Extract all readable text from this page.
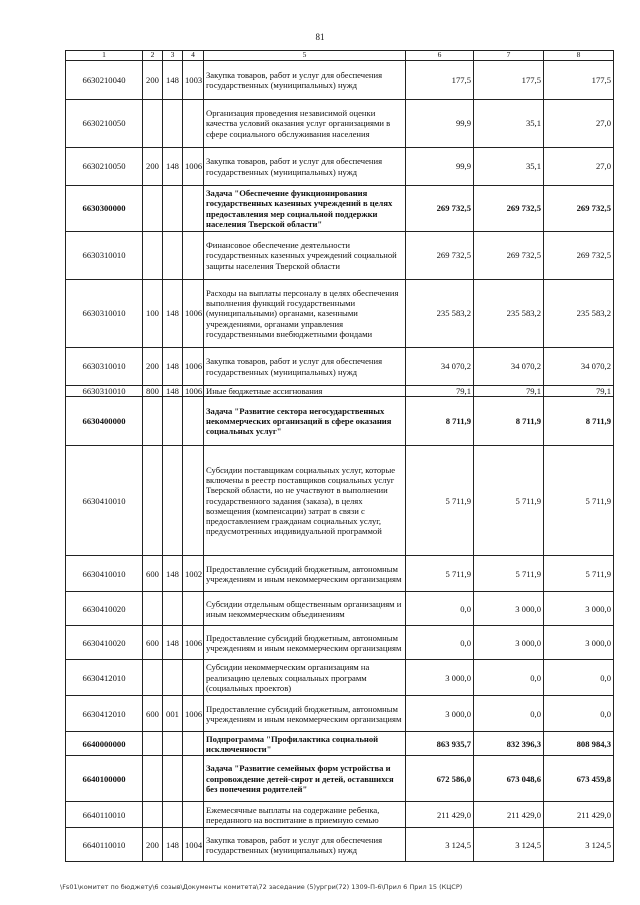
81
1	2	3	4	5	6	7	8
6630210040	200	148	1003	Закупка товаров, работ и услуг для обеспечения государственных (муниципальных) нужд	177,5	177,5	177,5
6630210050				Организация проведения независимой оценки качества условий оказания услуг организациями в сфере социального обслуживания населения	99,9	35,1	27,0
6630210050	200	148	1006	Закупка товаров, работ и услуг для обеспечения государственных (муниципальных) нужд	99,9	35,1	27,0
6630300000				Задача "Обеспечение функционирования государственных казенных учреждений в целях предоставления мер социальной поддержки населения Тверской области"	269 732,5	269 732,5	269 732,5
6630310010				Финансовое обеспечение деятельности государственных казенных учреждений социальной защиты населения Тверской области	269 732,5	269 732,5	269 732,5
6630310010	100	148	1006	Расходы на выплаты персоналу в целях обеспечения выполнения функций государственными (муниципальными) органами, казенными учреждениями, органами управления государственными внебюджетными фондами	235 583,2	235 583,2	235 583,2
6630310010	200	148	1006	Закупка товаров, работ и услуг для обеспечения государственных (муниципальных) нужд	34 070,2	34 070,2	34 070,2
6630310010	800	148	1006	Иные бюджетные ассигнования	79,1	79,1	79,1
6630400000				Задача "Развитие сектора негосударственных некоммерческих организаций в сфере оказания социальных услуг"	8 711,9	8 711,9	8 711,9
6630410010				Субсидии поставщикам социальных услуг, которые включены в реестр поставщиков социальных услуг Тверской области, но не участвуют в выполнении государственного задания (заказа), в целях возмещения (компенсации) затрат в связи с предоставлением гражданам социальных услуг, предусмотренных индивидуальной программой	5 711,9	5 711,9	5 711,9
6630410010	600	148	1002	Предоставление субсидий бюджетным, автономным учреждениям и иным некоммерческим организациям	5 711,9	5 711,9	5 711,9
6630410020				Субсидии отдельным общественным организациям и иным некоммерческим объединениям	0,0	3 000,0	3 000,0
6630410020	600	148	1006	Предоставление субсидий бюджетным, автономным учреждениям и иным некоммерческим организациям	0,0	3 000,0	3 000,0
6630412010				Субсидии некоммерческим организациям на реализацию целевых социальных программ (социальных проектов)	3 000,0	0,0	0,0
6630412010	600	001	1006	Предоставление субсидий бюджетным, автономным учреждениям и иным некоммерческим организациям	3 000,0	0,0	0,0
6640000000				Подпрограмма "Профилактика социальной исключенности"	863 935,7	832 396,3	808 984,3
6640100000				Задача "Развитие семейных форм устройства и сопровождение детей-сирот и детей, оставшихся без попечения родителей"	672 586,0	673 048,6	673 459,8
6640110010				Ежемесячные выплаты на содержание ребенка, переданного на воспитание в приемную семью	211 429,0	211 429,0	211 429,0
6640110010	200	148	1004	Закупка товаров, работ и услуг для обеспечения государственных (муниципальных) нужд	3 124,5	3 124,5	3 124,5
\Fs01\комитет по бюджету\6 созыв\Документы комитета\72 заседание (5)ургри(72) 1309-П-6\Прил 6 Прил 15 (КЦСР)
